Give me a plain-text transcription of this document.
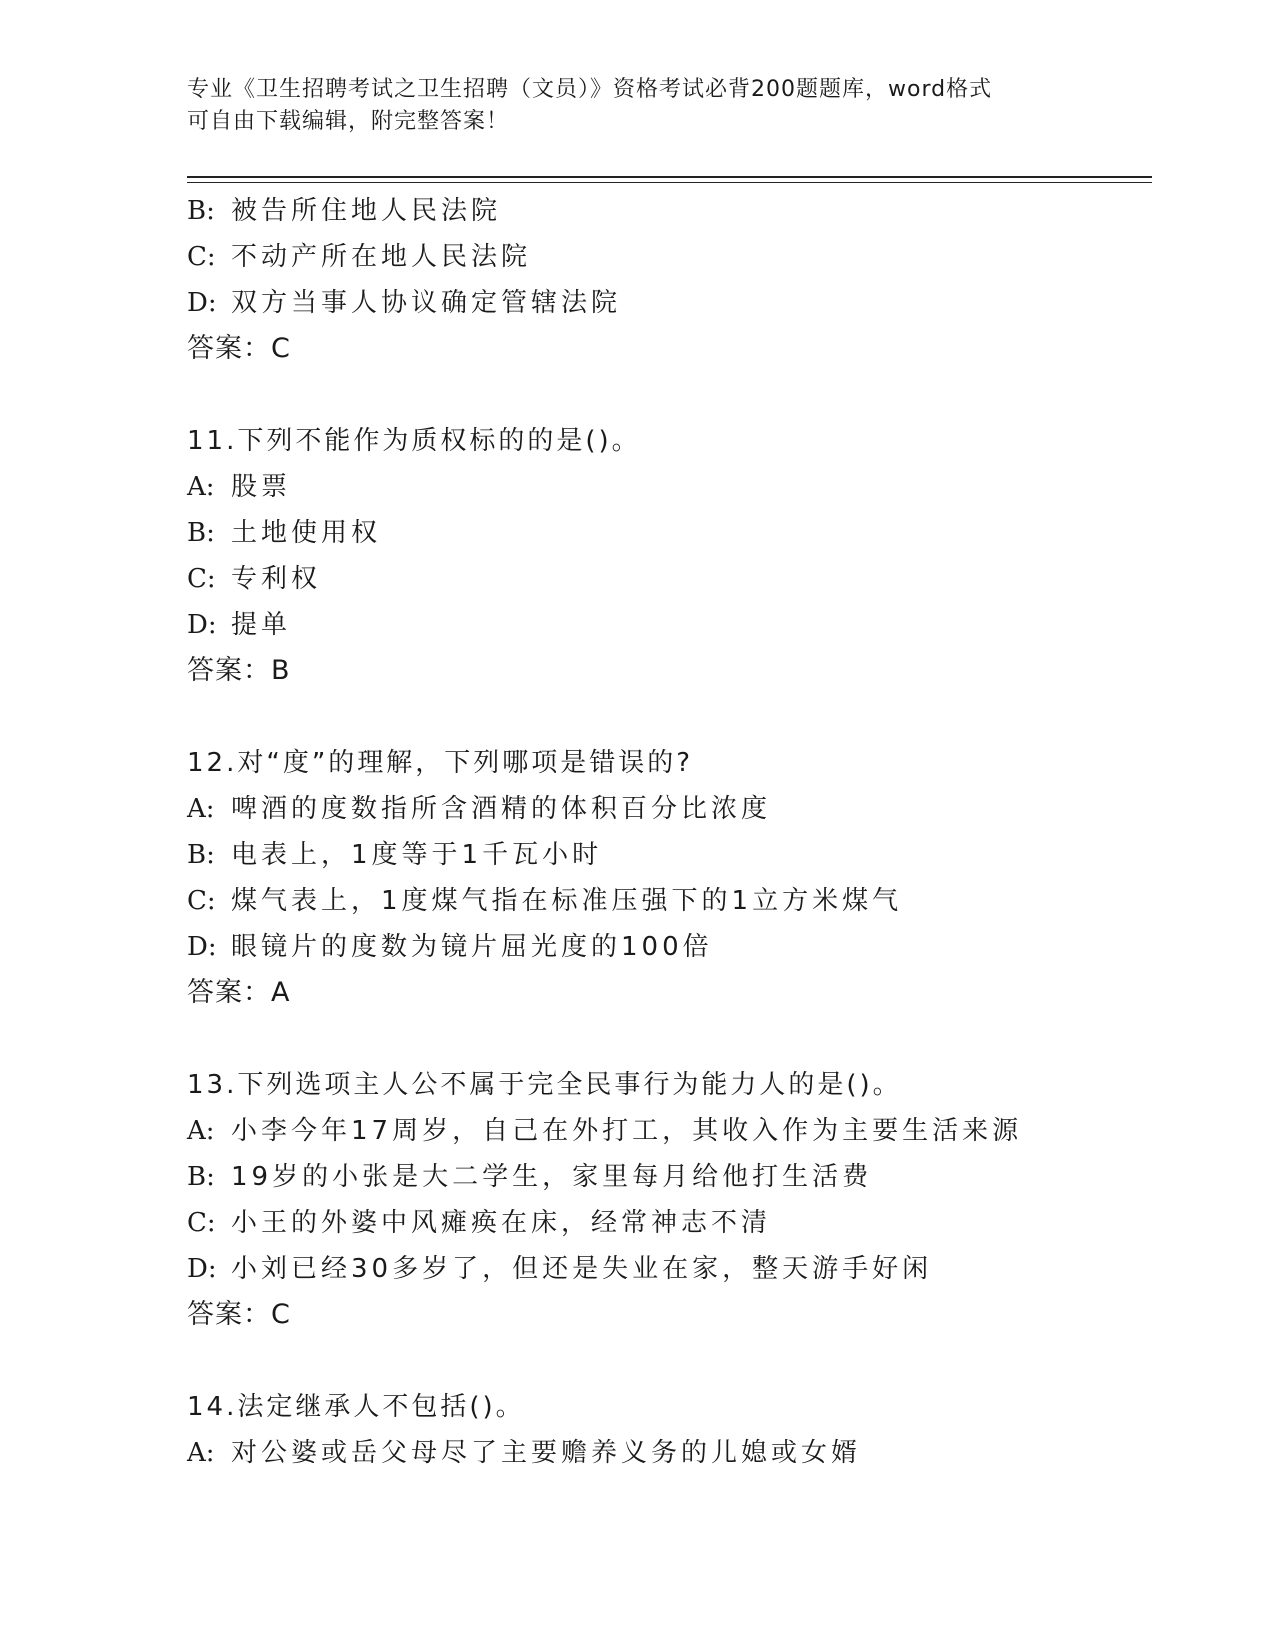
专业《卫生招聘考试之卫生招聘（文员）》资格考试必背200题题库，word格式
可自由下载编辑，附完整答案！
B: 被告所住地人民法院
C: 不动产所在地人民法院
D: 双方当事人协议确定管辖法院
答案：C
11.下列不能作为质权标的的是()。
A: 股票
B: 土地使用权
C: 专利权
D: 提单
答案：B
12.对“度”的理解，下列哪项是错误的?
A: 啤酒的度数指所含酒精的体积百分比浓度
B: 电表上，1度等于1千瓦小时
C: 煤气表上，1度煤气指在标准压强下的1立方米煤气
D: 眼镜片的度数为镜片屈光度的100倍
答案：A
13.下列选项主人公不属于完全民事行为能力人的是()。
A: 小李今年17周岁，自己在外打工，其收入作为主要生活来源
B: 19岁的小张是大二学生，家里每月给他打生活费
C: 小王的外婆中风瘫痪在床，经常神志不清
D: 小刘已经30多岁了，但还是失业在家，整天游手好闲
答案：C
14.法定继承人不包括()。
A: 对公婆或岳父母尽了主要赡养义务的儿媳或女婿
